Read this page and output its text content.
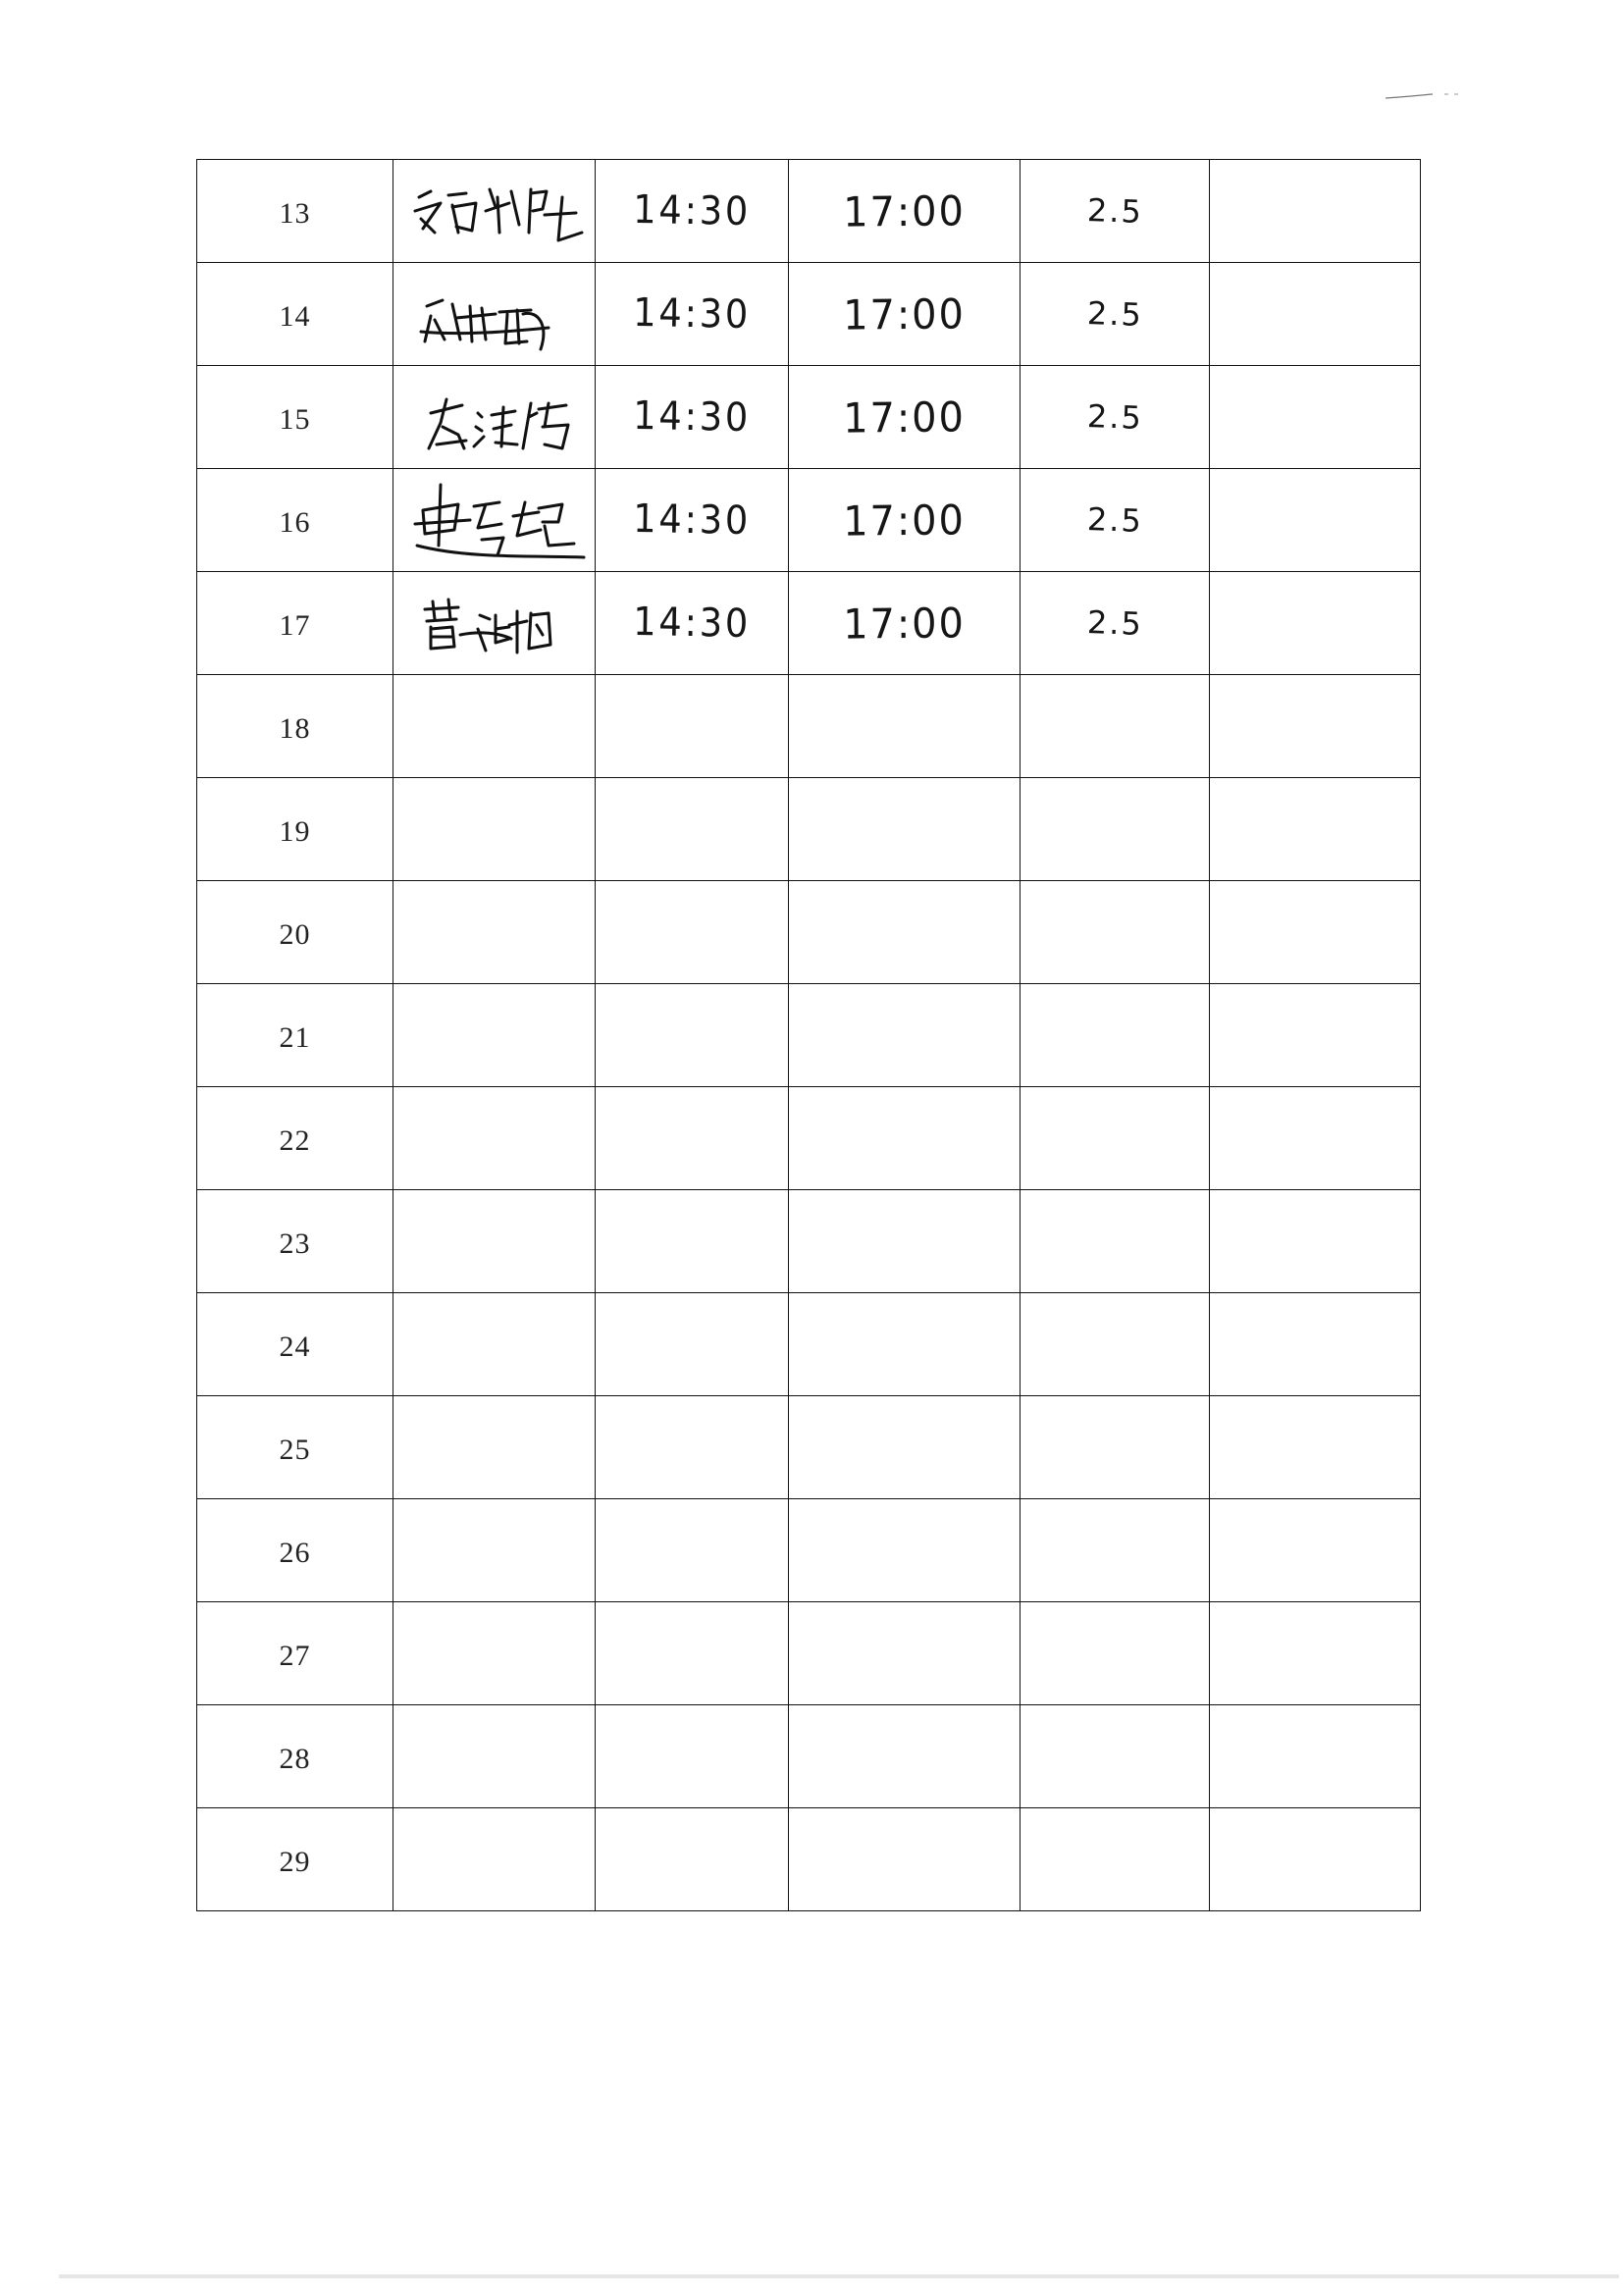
13		14:30	17:00	2.5	
14		14:30	17:00	2.5	
15		14:30	17:00	2.5	
16		14:30	17:00	2.5	
17		14:30	17:00	2.5	
18					
19					
20					
21					
22					
23					
24					
25					
26					
27					
28					
29					
